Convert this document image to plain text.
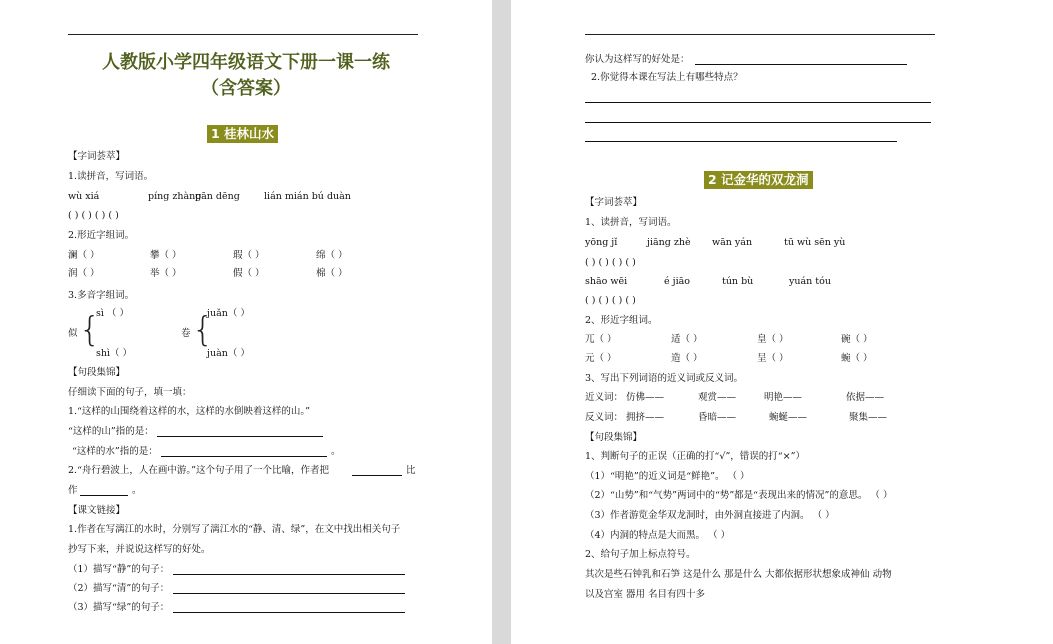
人教版小学四年级语文下册一课一练
（含答案）
1 桂林山水
【字词荟萃】
1.读拼音，写词语。
wù xiá	píng zhàng
pān dēng	lián mián bú duàn
( ) ( ) ( ) ( )
2.形近字组词。
澜（ ）	攀（ ）	瑕（ ）	绵（ ）
润（ ）	举（ ）	假（ ）	棉（ ）
3.多音字组词。
sì （ ）
似 {
shì（ ）
juǎn（ ）
卷 {
juàn（ ）
【句段集锦】
仔细读下面的句子，填一填：
1.“这样的山围绕着这样的水，这样的水倒映着这样的山。”
“这样的山”指的是：
“这样的水”指的是：	。
2.“舟行碧波上，人在画中游。”这个句子用了一个比喻，作者把	比
作	。
【课文链接】
1.作者在写漓江的水时，分别写了漓江水的“静、清、绿”，在文中找出相关句子
抄写下来，并说说这样写的好处。
（1）描写“静”的句子：
（2）描写“清”的句子：
（3）描写“绿”的句子：
你认为这样写的好处是：
2.你觉得本课在写法上有哪些特点？
2 记金华的双龙洞
【字词荟萃】
1、读拼音，写词语。
yōng jǐ	jiāng zhè wān yán	tū wù sēn yù
( ) ( ) ( ) ( )
shāo wēi	é jiāo	tún bù	yuán tóu
( ) ( ) ( ) ( )
2、形近字组词。
兀（ ）	适（ ）	皇（ ）	碗（ ）
元（ ）	造（ ）	呈（ ）	蜿（ ）
3、写出下列词语的近义词或反义词。
近义词： 仿佛——	观赏——	明艳——	依据——
反义词： 拥挤——	昏暗——	蜿蜒——	聚集——
【句段集锦】
1、判断句子的正误（正确的打“√”，错误的打“×”）
（1）“明艳”的近义词是“鲜艳”。 （ ）
（2）“山势”和“气势”两词中的“势”都是“表现出来的情况”的意思。 （ ）
（3）作者游览金华双龙洞时，由外洞直接进了内洞。 （ ）
（4）内洞的特点是大而黑。 （ ）
2、给句子加上标点符号。
其次是些石钟乳和石笋 这是什么 那是什么 大都依据形状想象成神仙 动物
以及宫室 器用 名目有四十多
